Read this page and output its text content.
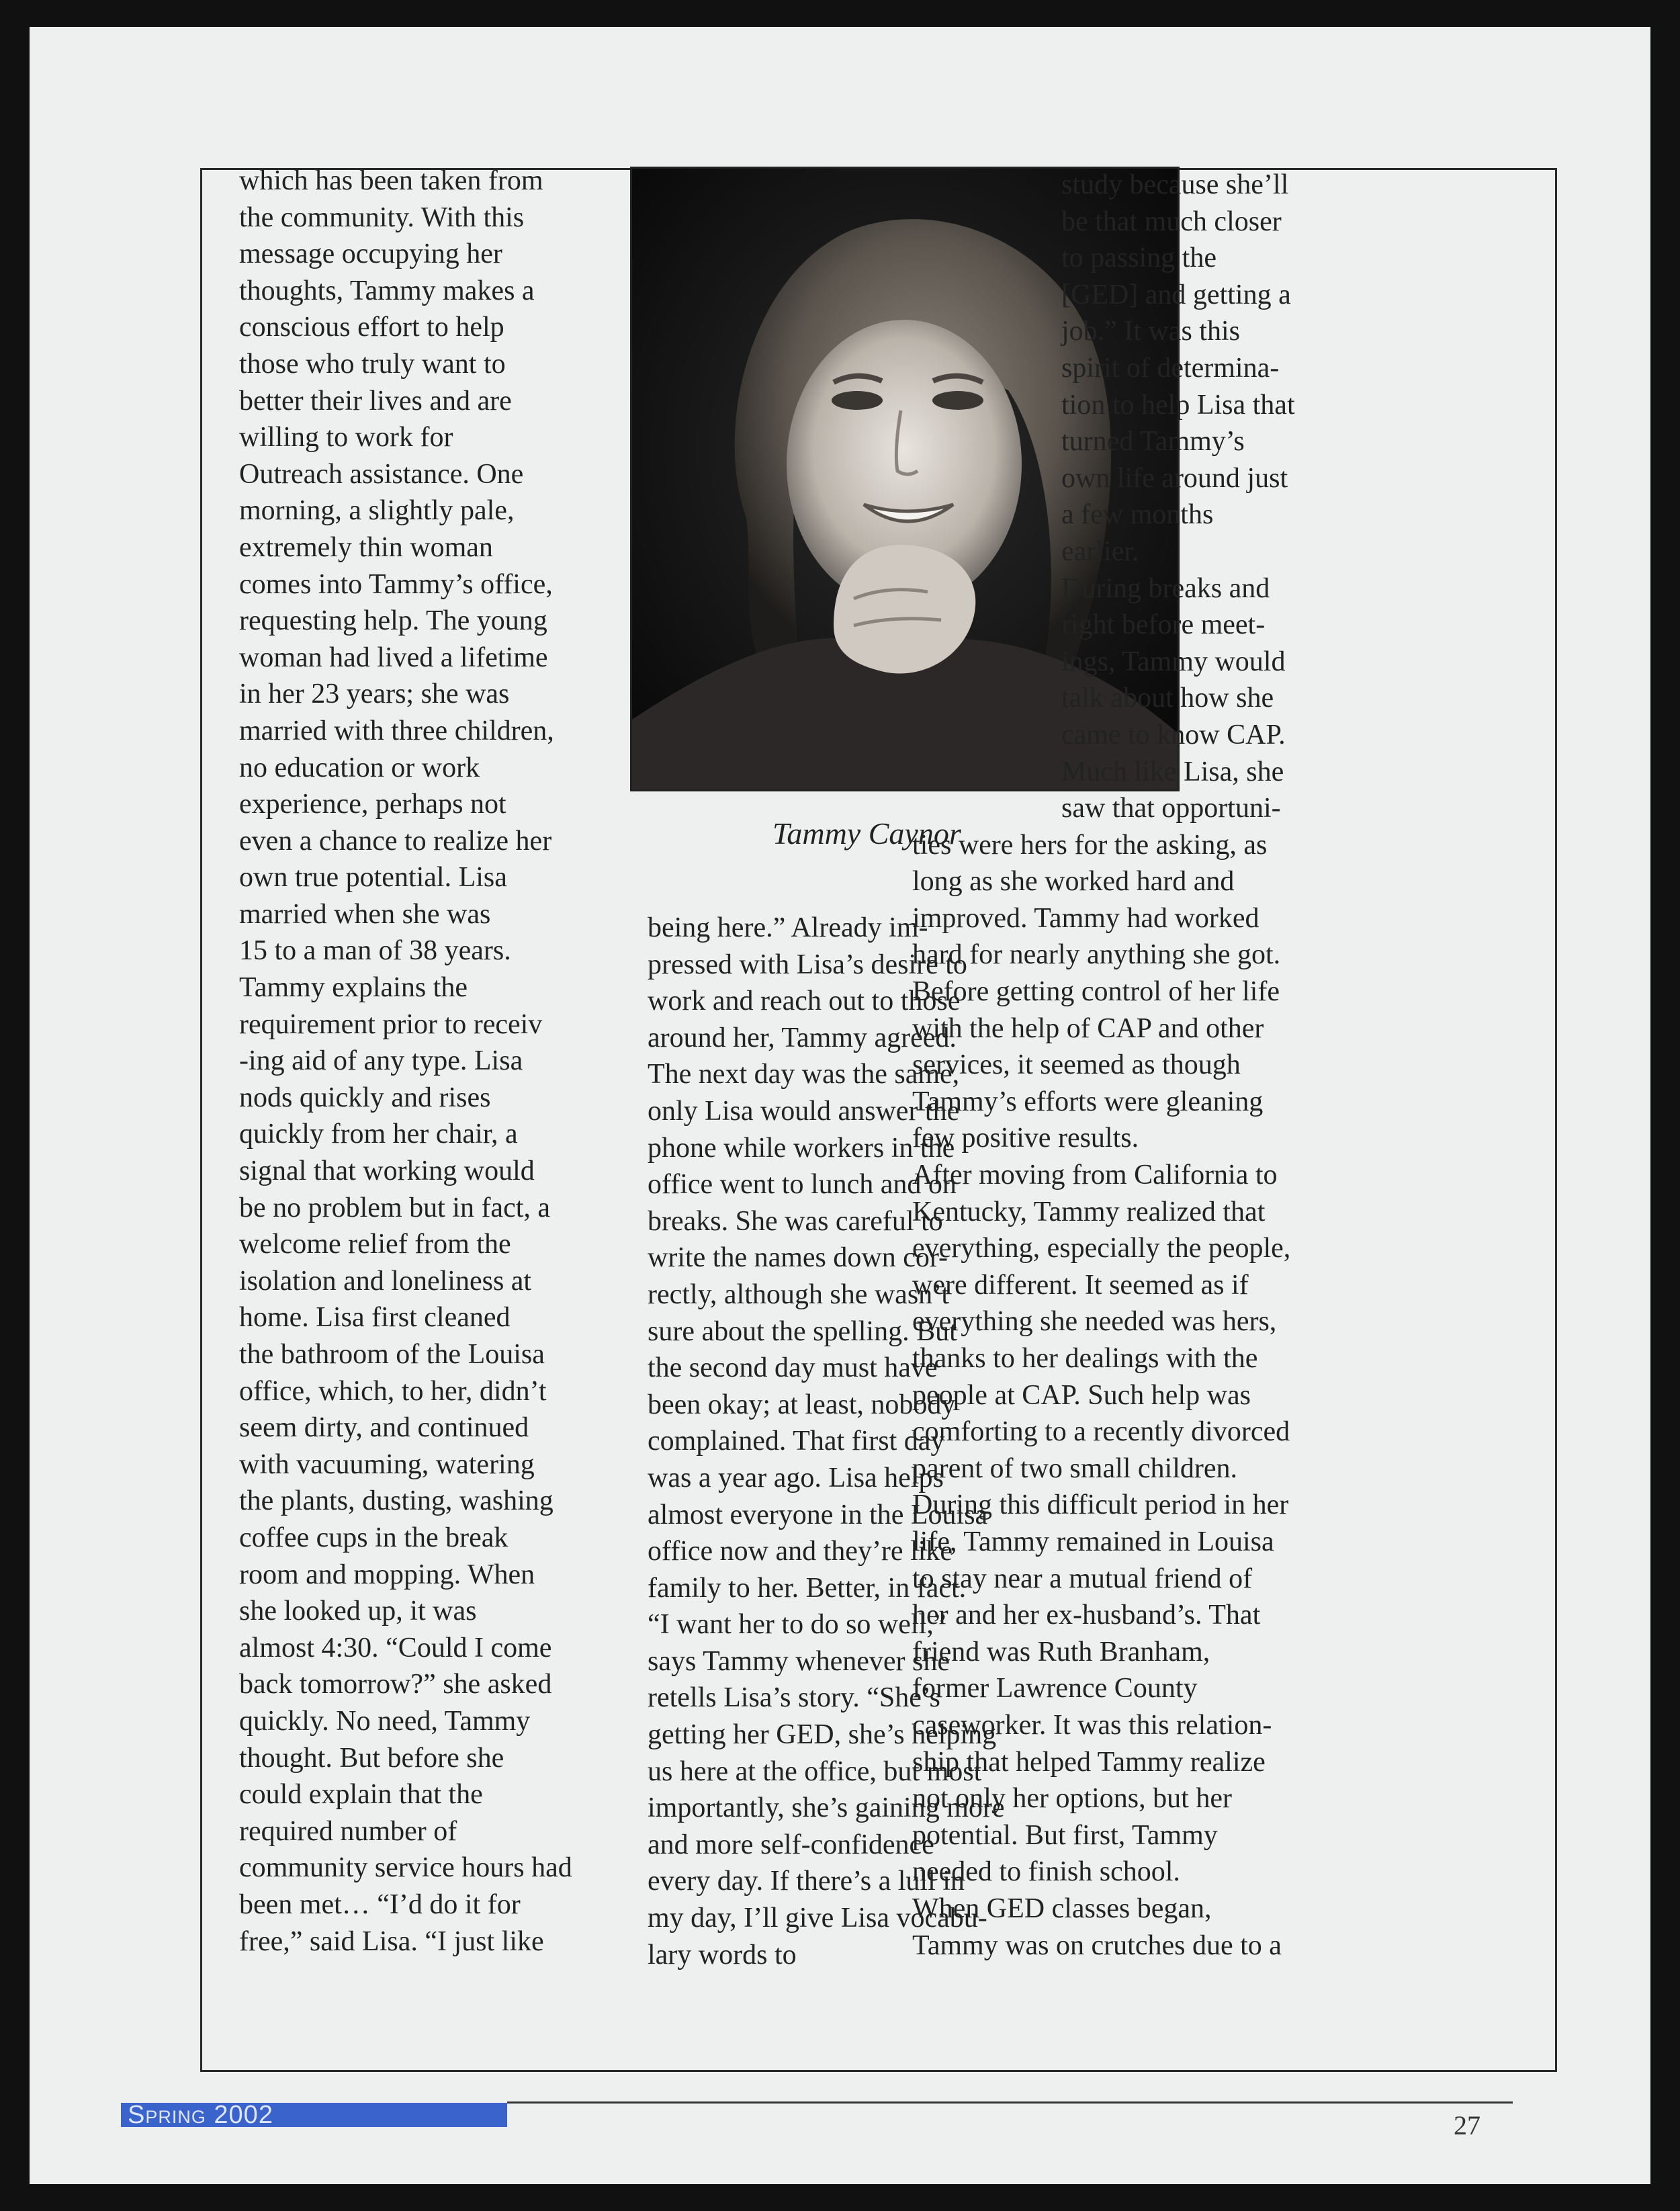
which has been taken from
the community. With this
message occupying her
thoughts, Tammy makes a
conscious effort to help
those who truly want to
better their lives and are
willing to work for
Outreach assistance. One
morning, a slightly pale,
extremely thin woman
comes into Tammy’s office,
requesting help. The young
woman had lived a lifetime
in her 23 years; she was
married with three children,
no education or work
experience, perhaps not
even a chance to realize her
own true potential. Lisa
married when she was
15 to a man of 38 years.
Tammy explains the
requirement prior to receiv
-ing aid of any type. Lisa
nods quickly and rises
quickly from her chair, a
signal that working would
be no problem but in fact, a
welcome relief from the
isolation and loneliness at
home. Lisa first cleaned
the bathroom of the Louisa
office, which, to her, didn’t
seem dirty, and continued
with vacuuming, watering
the plants, dusting, washing
coffee cups in the break
room and mopping. When
she looked up, it was
almost 4:30. “Could I come
back tomorrow?” she asked
quickly. No need, Tammy
thought. But before she
could explain that the
required number of
community service hours had
been met… “I’d do it for
free,” said Lisa. “I just like
Tammy Caynor
being here.” Already im-
pressed with Lisa’s desire to
work and reach out to those
around her, Tammy agreed.
The next day was the same,
only Lisa would answer the
phone while workers in the
office went to lunch and on
breaks. She was careful to
write the names down cor-
rectly, although she wasn’t
sure about the spelling. But
the second day must have
been okay; at least, nobody
complained. That first day
was a year ago. Lisa helps
almost everyone in the Louisa
office now and they’re like
family to her. Better, in fact.
“I want her to do so well,”
says Tammy whenever she
retells Lisa’s story. “She’s
getting her GED, she’s helping
us here at the office, but most
importantly, she’s gaining more
and more self-confidence
every day. If there’s a lull in
my day, I’ll give Lisa vocabu-
lary words to
study because she’ll
be that much closer
to passing the
[GED] and getting a
job.” It was this
spirit of determina-
tion to help Lisa that
turned Tammy’s
own life around just
a few months
earlier.
During breaks and
right before meet-
ings, Tammy would
talk about how she
came to know CAP.
Much like Lisa, she
saw that opportuni-
ties were hers for the asking, as
long as she worked hard and
improved. Tammy had worked
hard for nearly anything she got.
Before getting control of her life
with the help of CAP and other
services, it seemed as though
Tammy’s efforts were gleaning
few positive results.
After moving from California to
Kentucky, Tammy realized that
everything, especially the people,
were different. It seemed as if
everything she needed was hers,
thanks to her dealings with the
people at CAP. Such help was
comforting to a recently divorced
parent of two small children.
During this difficult period in her
life, Tammy remained in Louisa
to stay near a mutual friend of
her and her ex-husband’s. That
friend was Ruth Branham,
former Lawrence County
caseworker. It was this relation-
ship that helped Tammy realize
not only her options, but her
potential. But first, Tammy
needed to finish school.
When GED classes began,
Tammy was on crutches due to a
Spring 2002	27
